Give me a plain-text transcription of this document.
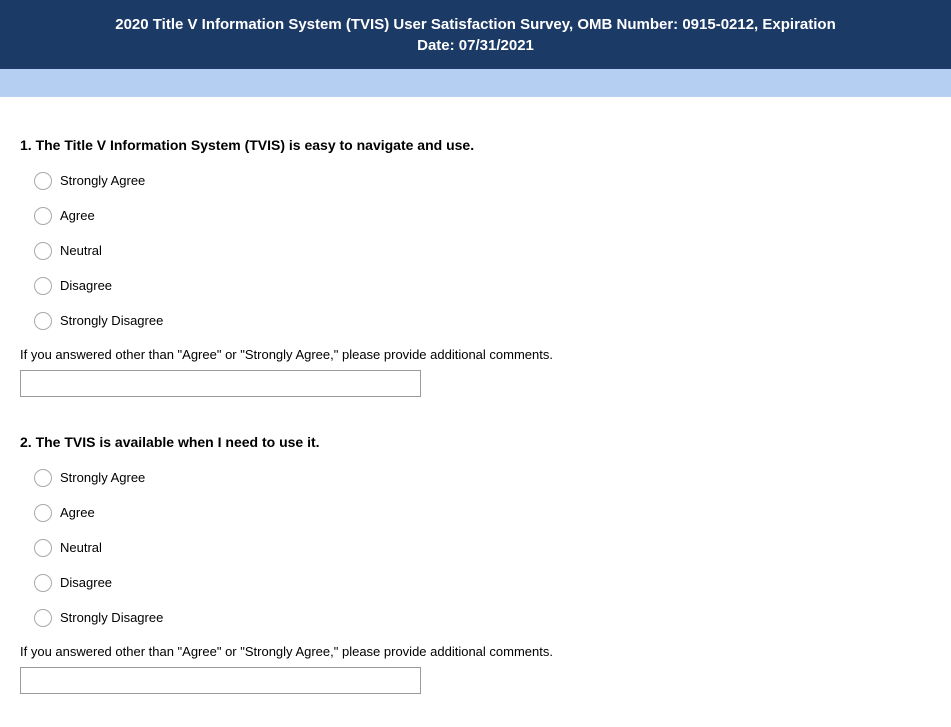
2020 Title V Information System (TVIS) User Satisfaction Survey, OMB Number: 0915-0212, Expiration
Date: 07/31/2021
1. The Title V Information System (TVIS) is easy to navigate and use.
Strongly Agree
Agree
Neutral
Disagree
Strongly Disagree
If you answered other than "Agree" or "Strongly Agree," please provide additional comments.
2. The TVIS is available when I need to use it.
Strongly Agree
Agree
Neutral
Disagree
Strongly Disagree
If you answered other than "Agree" or "Strongly Agree," please provide additional comments.
